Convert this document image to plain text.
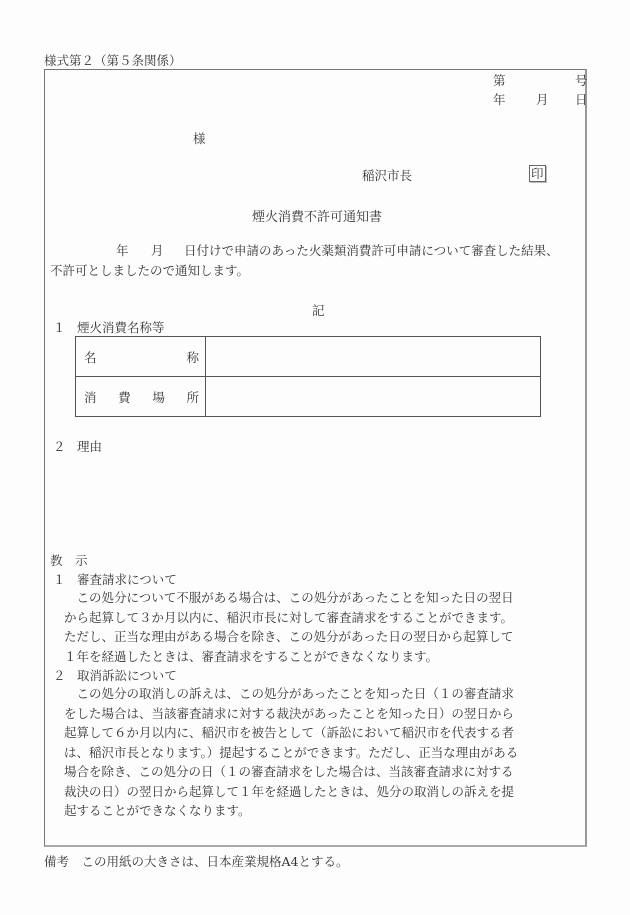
様式第２（第５条関係）
第	号
年 月 日
様
稲沢市長	印
煙火消費不許可通知書
年 月 日付けで申請のあった火薬類消費許可申請について審査した結果、
不許可としましたので通知します。
記
１ 煙火消費名称等
名 称	

消 費 場 所	

２ 理由
教　示
１ 審査請求について
　この処分について不服がある場合は、この処分があったことを知った日の翌日
から起算して３か月以内に、稲沢市長に対して審査請求をすることができます。
ただし、正当な理由がある場合を除き、この処分があった日の翌日から起算して
１年を経過したときは、審査請求をすることができなくなります。
２ 取消訴訟について
　この処分の取消しの訴えは、この処分があったことを知った日（１の審査請求
をした場合は、当該審査請求に対する裁決があったことを知った日）の翌日から
起算して６か月以内に、稲沢市を被告として（訴訟において稲沢市を代表する者
は、稲沢市長となります。）提起することができます。ただし、正当な理由がある
場合を除き、この処分の日（１の審査請求をした場合は、当該審査請求に対する
裁決の日）の翌日から起算して１年を経過したときは、処分の取消しの訴えを提
起することができなくなります。
備考　この用紙の大きさは、日本産業規格A4とする。
